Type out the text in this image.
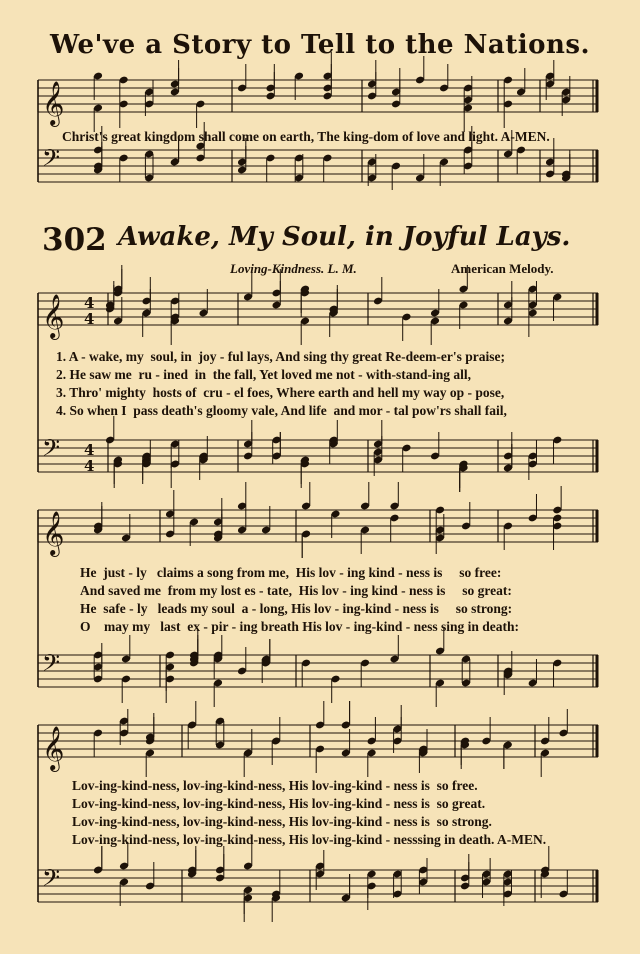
We've a Story to Tell to the Nations.
302 Awake, My Soul, in Joyful Lays.
Loving-Kindness. L. M.	American Melody.
𝄞
𝄢
𝄞 4
4
𝄢 4
4
𝄞
𝄢
𝄞
𝄢
Christ's great kingdom shall come on earth, The king-dom of love and light. A-MEN.
1. A - wake, my  soul, in  joy - ful lays, And sing thy great Re-deem-er's praise;
2. He saw me  ru - ined  in  the fall, Yet loved me not - with-stand-ing all,
3. Thro' mighty  hosts of  cru - el foes, Where earth and hell my way op - pose,
4. So when I  pass death's gloomy vale, And life  and mor - tal pow'rs shall fail,
He  just - ly   claims a song from me,  His lov - ing kind - ness is     so free:
And saved me  from my lost es - tate,  His lov - ing kind - ness is     so great:
He  safe - ly   leads my soul  a - long, His lov - ing-kind - ness is     so strong:
O    may my   last  ex - pir - ing breath His lov - ing-kind - ness sing in death:
Lov-ing-kind-ness, lov-ing-kind-ness, His lov-ing-kind - ness is  so free.
Lov-ing-kind-ness, lov-ing-kind-ness, His lov-ing-kind - ness is  so great.
Lov-ing-kind-ness, lov-ing-kind-ness, His lov-ing-kind - ness is  so strong.
Lov-ing-kind-ness, lov-ing-kind-ness, His lov-ing-kind - nesssing in death. A-MEN.
